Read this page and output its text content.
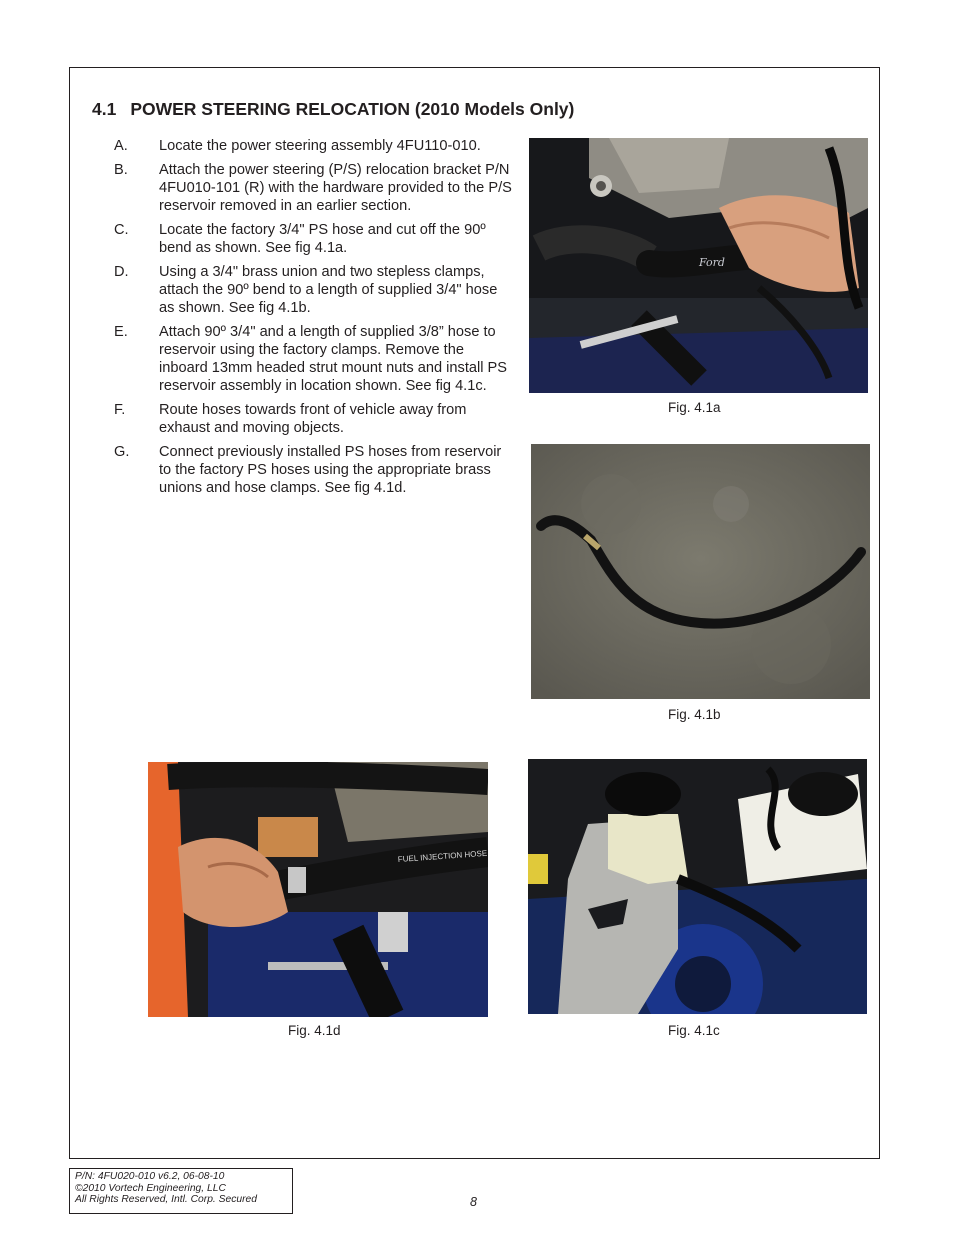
4.1 POWER STEERING RELOCATION (2010 Models Only)
A.	Locate the power steering assembly 4FU110-010.
B.	Attach the power steering (P/S) relocation bracket P/N 4FU010-101 (R) with the hardware provided to the P/S reservoir removed in an earlier section.
C.	Locate the factory 3/4" PS hose and cut off the 90º bend as shown. See fig 4.1a.
D.	Using a 3/4" brass union and two stepless clamps, attach the 90º bend to a length of supplied 3/4" hose as shown. See fig 4.1b.
E.	Attach 90º 3/4" and a length of supplied 3/8” hose to reservoir using the factory clamps. Remove the inboard 13mm headed strut mount nuts and install PS reservoir assembly in location shown. See fig 4.1c.
F.	Route hoses towards front of vehicle away from exhaust and moving objects.
G.	Connect previously installed PS hoses from reservoir to the factory PS hoses using the appropriate brass unions and hose clamps. See fig 4.1d.
Ford
Fig. 4.1a
Fig. 4.1b
FUEL INJECTION HOSE
Fig. 4.1d	Fig. 4.1c
P/N: 4FU020-010 v6.2, 06-08-10
©2010 Vortech Engineering, LLC
All Rights Reserved, Intl. Corp. Secured	8
